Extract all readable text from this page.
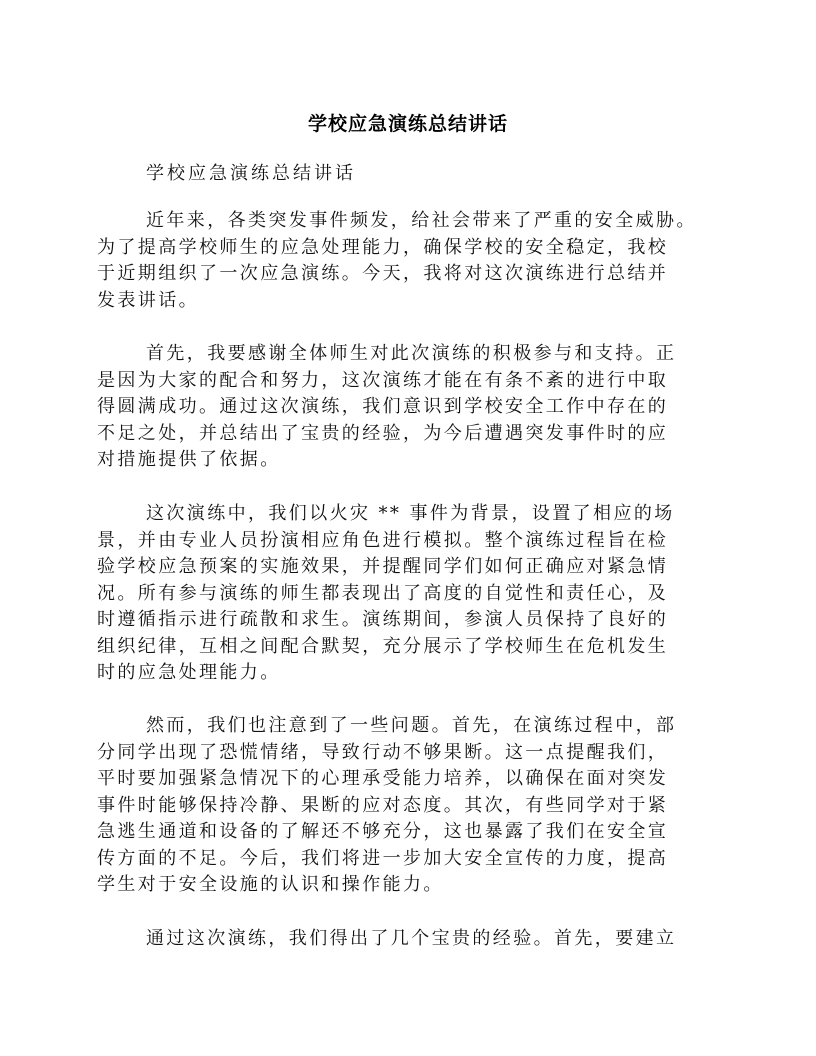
学校应急演练总结讲话
学校应急演练总结讲话
近年来，各类突发事件频发，给社会带来了严重的安全威胁。
为了提高学校师生的应急处理能力，确保学校的安全稳定，我校
于近期组织了一次应急演练。今天，我将对这次演练进行总结并
发表讲话。
首先，我要感谢全体师生对此次演练的积极参与和支持。正
是因为大家的配合和努力，这次演练才能在有条不紊的进行中取
得圆满成功。通过这次演练，我们意识到学校安全工作中存在的
不足之处，并总结出了宝贵的经验，为今后遭遇突发事件时的应
对措施提供了依据。
这次演练中，我们以火灾 ** 事件为背景，设置了相应的场
景，并由专业人员扮演相应角色进行模拟。整个演练过程旨在检
验学校应急预案的实施效果，并提醒同学们如何正确应对紧急情
况。所有参与演练的师生都表现出了高度的自觉性和责任心，及
时遵循指示进行疏散和求生。演练期间，参演人员保持了良好的
组织纪律，互相之间配合默契，充分展示了学校师生在危机发生
时的应急处理能力。
然而，我们也注意到了一些问题。首先，在演练过程中，部
分同学出现了恐慌情绪，导致行动不够果断。这一点提醒我们，
平时要加强紧急情况下的心理承受能力培养，以确保在面对突发
事件时能够保持冷静、果断的应对态度。其次，有些同学对于紧
急逃生通道和设备的了解还不够充分，这也暴露了我们在安全宣
传方面的不足。今后，我们将进一步加大安全宣传的力度，提高
学生对于安全设施的认识和操作能力。
通过这次演练，我们得出了几个宝贵的经验。首先，要建立
